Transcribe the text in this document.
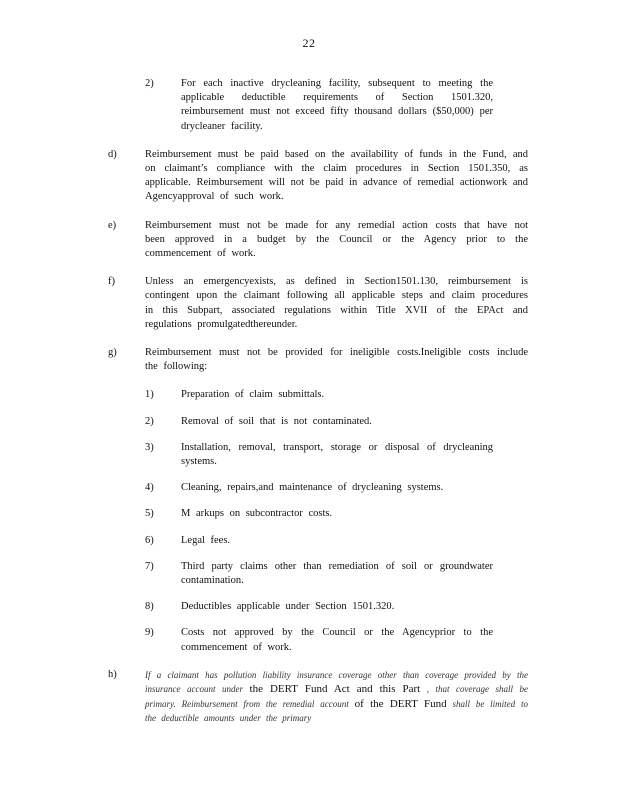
22
2)	For each inactive drycleaning facility, subsequent to meeting the applicable deductible requirements of Section 1501.320, reimbursement must not exceed fifty thousand dollars ($50,000) per drycleaner facility.
d)	Reimbursement must be paid based on the availability of funds in the Fund, and on claimant’s compliance with the claim procedures in Section 1501.350, as applicable. Reimbursement will not be paid in advance of remedial actionwork and Agencyapproval of such work.
e)	Reimbursement must not be made for any remedial action costs that have not been approved in a budget by the Council or the Agency prior to the commencement of work.
f)	Unless an emergencyexists, as defined in Section1501.130, reimbursement is contingent upon the claimant following all applicable steps and claim procedures in this Subpart, associated regulations within Title XVII of the EPAct and regulations promulgatedthereunder.
g)	Reimbursement must not be provided for ineligible costs.Ineligible costs include the following:
1)	Preparation of claim submittals.
2)	Removal of soil that is not contaminated.
3)	Installation, removal, transport, storage or disposal of drycleaning systems.
4)	Cleaning, repairs,and maintenance of drycleaning systems.
5)	M arkups on subcontractor costs.
6)	Legal fees.
7)	Third party claims other than remediation of soil or groundwater contamination.
8)	Deductibles applicable under Section 1501.320.
9)	Costs not approved by the Council or the Agencyprior to the commencement of work.
h)	If a claimant has pollution liability insurance coverage other than coverage provided by the insurance account under the DERT Fund Act and this Part , that coverage shall be primary. Reimbursement from the remedial account of the DERT Fund shall be limited to the deductible amounts under the primary
